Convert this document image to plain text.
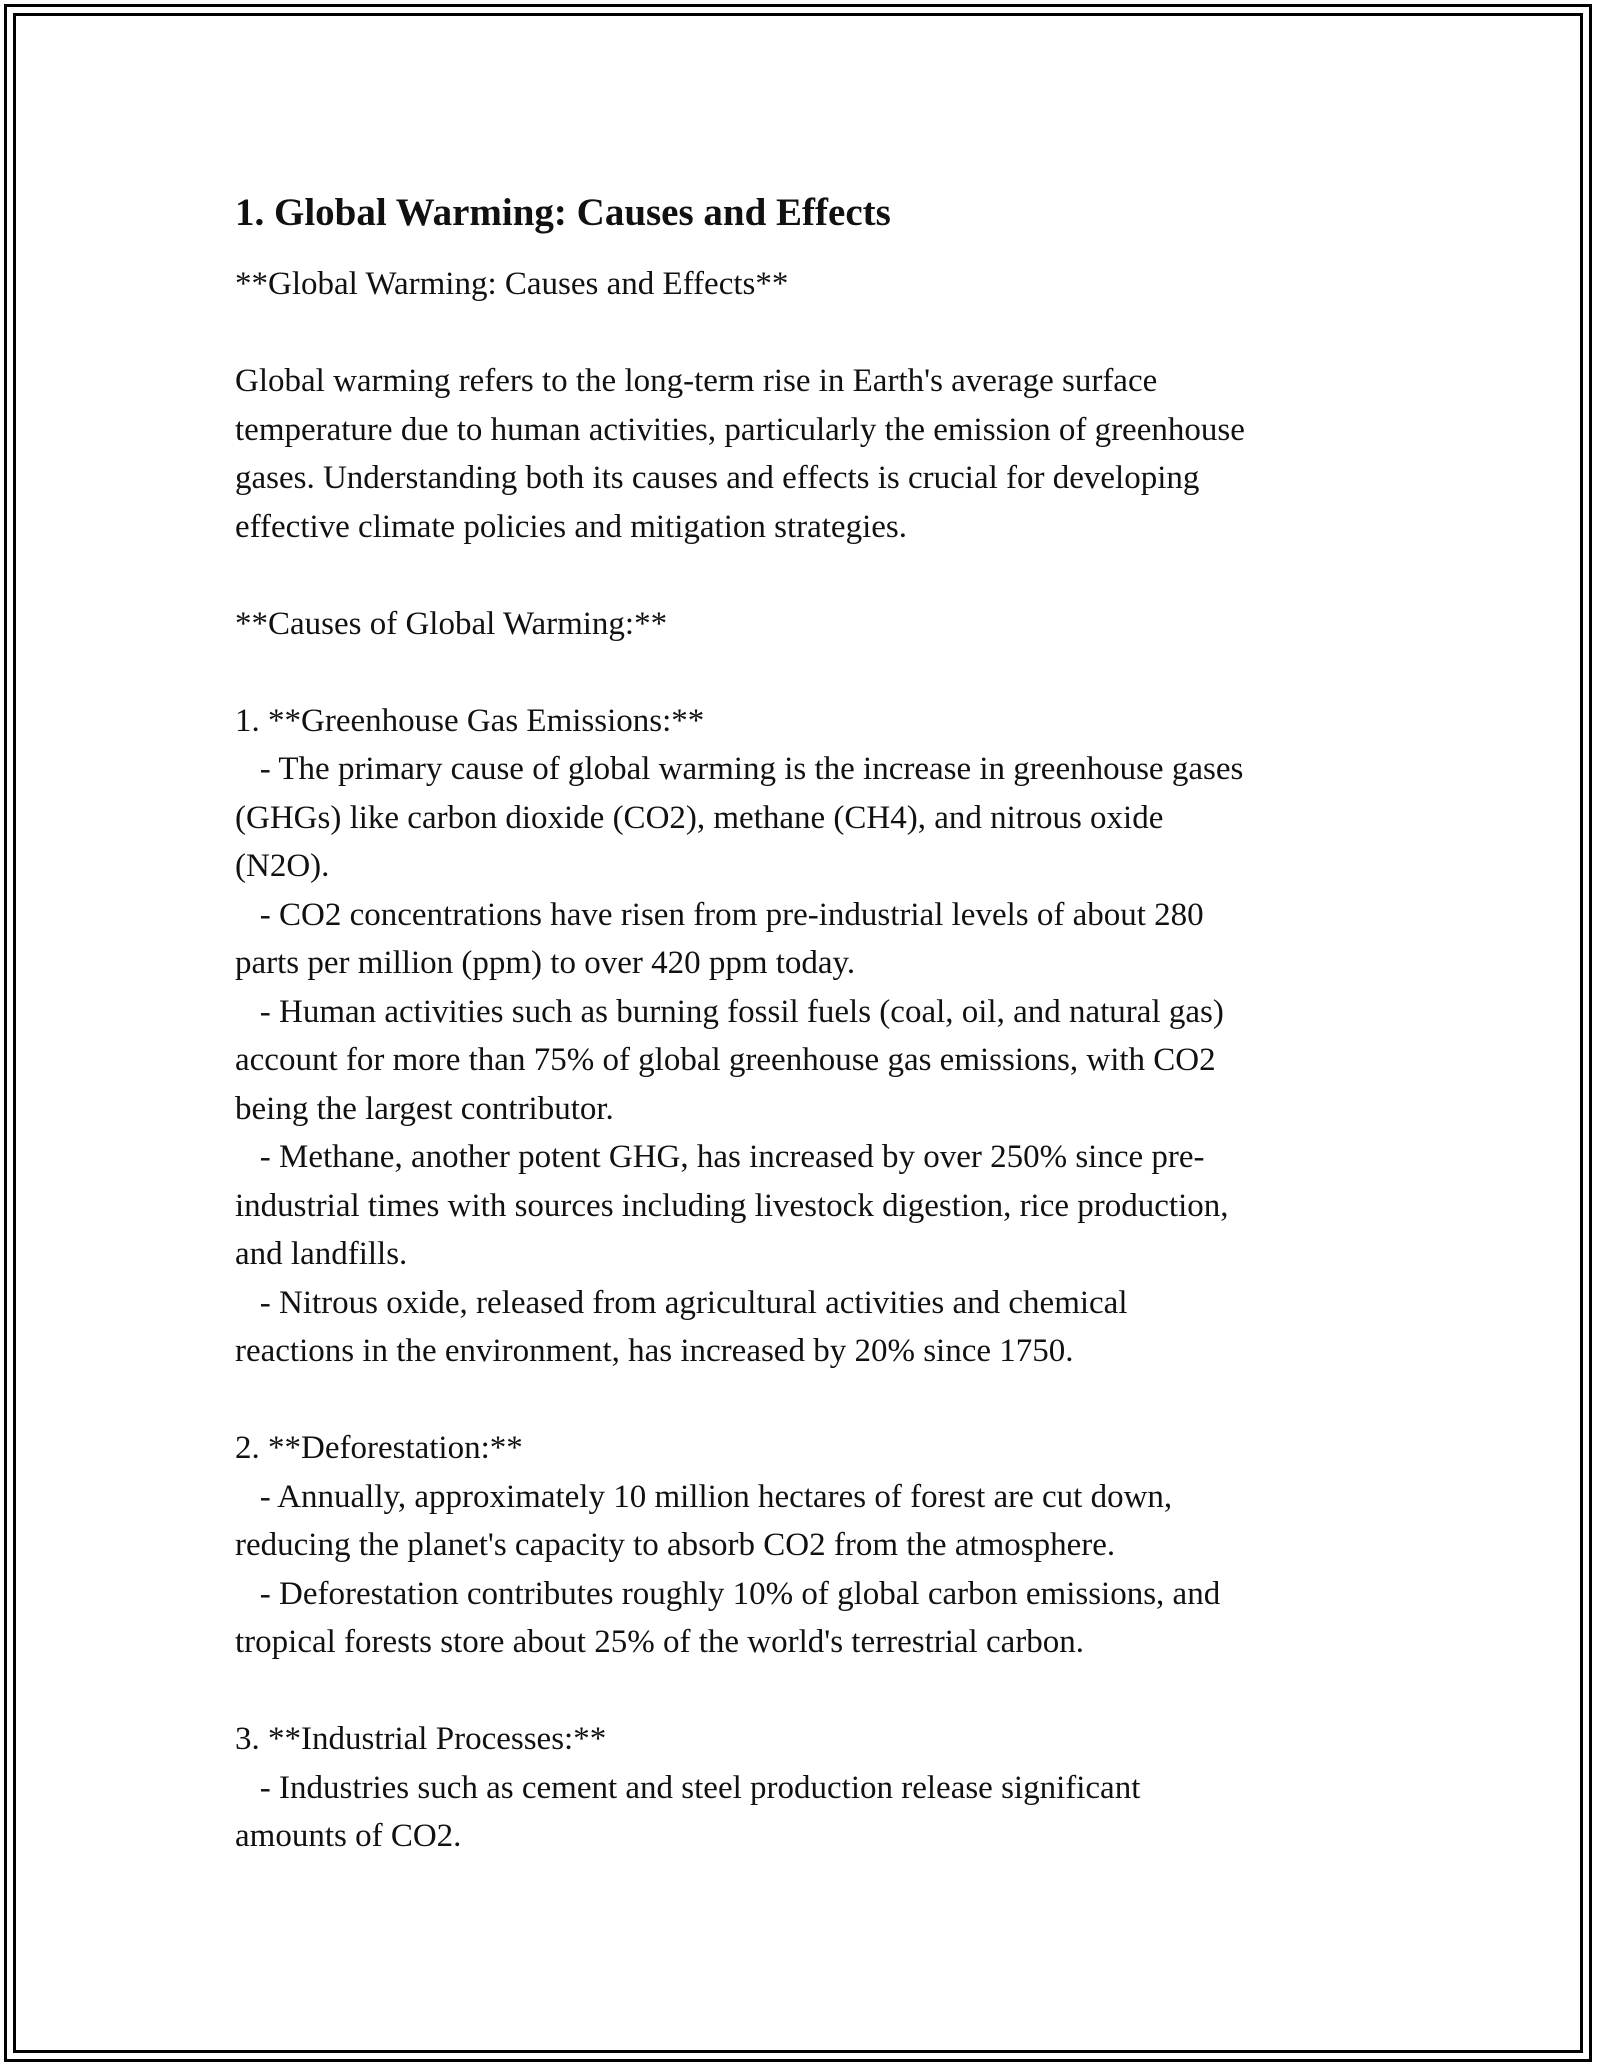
1. Global Warming: Causes and Effects
**Global Warming: Causes and Effects**
Global warming refers to the long-term rise in Earth's average surface
temperature due to human activities, particularly the emission of greenhouse
gases. Understanding both its causes and effects is crucial for developing
effective climate policies and mitigation strategies.
**Causes of Global Warming:**
1. **Greenhouse Gas Emissions:**
- The primary cause of global warming is the increase in greenhouse gases
(GHGs) like carbon dioxide (CO2), methane (CH4), and nitrous oxide
(N2O).
- CO2 concentrations have risen from pre-industrial levels of about 280
parts per million (ppm) to over 420 ppm today.
- Human activities such as burning fossil fuels (coal, oil, and natural gas)
account for more than 75% of global greenhouse gas emissions, with CO2
being the largest contributor.
- Methane, another potent GHG, has increased by over 250% since pre-
industrial times with sources including livestock digestion, rice production,
and landfills.
- Nitrous oxide, released from agricultural activities and chemical
reactions in the environment, has increased by 20% since 1750.
2. **Deforestation:**
- Annually, approximately 10 million hectares of forest are cut down,
reducing the planet's capacity to absorb CO2 from the atmosphere.
- Deforestation contributes roughly 10% of global carbon emissions, and
tropical forests store about 25% of the world's terrestrial carbon.
3. **Industrial Processes:**
- Industries such as cement and steel production release significant
amounts of CO2.
